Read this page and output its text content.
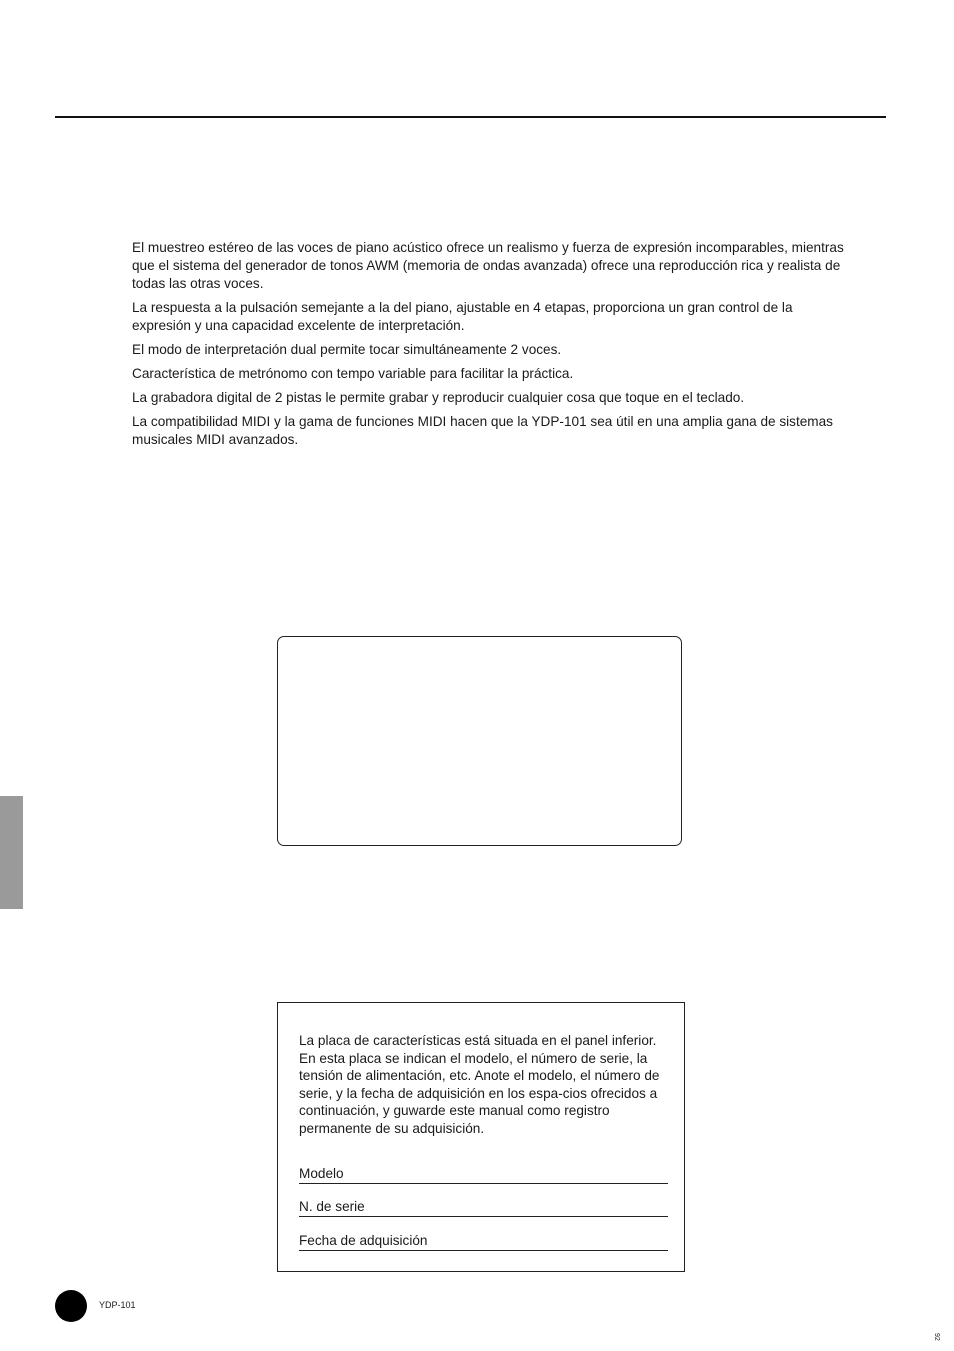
El muestreo estéreo de las voces de piano acústico ofrece un realismo y fuerza de expresión incomparables, mientras que el sistema del generador de tonos AWM (memoria de ondas avanzada) ofrece una reproducción rica y realista de todas las otras voces.
La respuesta a la pulsación semejante a la del piano, ajustable en 4 etapas, proporciona un gran control de la expresión y una capacidad excelente de interpretación.
El modo de interpretación dual permite tocar simultáneamente 2 voces.
Característica de metrónomo con tempo variable para facilitar la práctica.
La grabadora digital de 2 pistas le permite grabar y reproducir cualquier cosa que toque en el teclado.
La compatibilidad MIDI y la gama de funciones MIDI hacen que la YDP-101 sea útil en una amplia gana de sistemas musicales MIDI avanzados.

La placa de características está situada en el panel inferior. En esta placa se indican el modelo, el número de serie, la tensión de alimentación, etc. Anote el modelo, el número de serie, y la fecha de adquisición en los espa-cios ofrecidos a continuación, y guwarde este manual como registro permanente de su adquisición.

Modelo
N. de serie
Fecha de adquisición
YDP-101
92
